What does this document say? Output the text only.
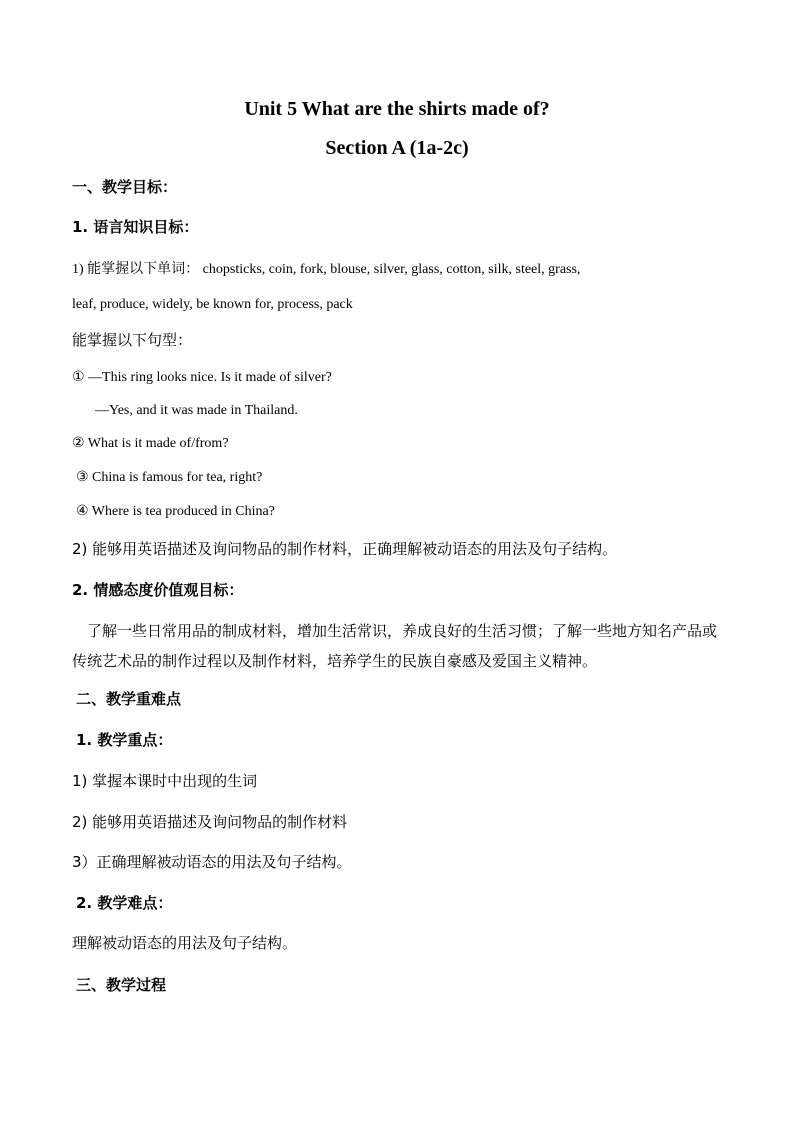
Unit 5 What are the shirts made of?
Section A (1a-2c)
一、教学目标：
1. 语言知识目标：
1) 能掌握以下单词： chopsticks, coin, fork, blouse, silver, glass, cotton, silk, steel, grass,
leaf, produce, widely, be known for, process, pack
能掌握以下句型：
① —This ring looks nice. Is it made of silver?
—Yes, and it was made in Thailand.
② What is it made of/from?
③ China is famous for tea, right?
④ Where is tea produced in China?
2) 能够用英语描述及询问物品的制作材料，正确理解被动语态的用法及句子结构。
2. 情感态度价值观目标：
了解一些日常用品的制成材料，增加生活常识，养成良好的生活习惯；了解一些地方知名产品或传统艺术品的制作过程以及制作材料，培养学生的民族自豪感及爱国主义精神。
二、教学重难点
1. 教学重点：
1) 掌握本课时中出现的生词
2) 能够用英语描述及询问物品的制作材料
3）正确理解被动语态的用法及句子结构。
2. 教学难点：
理解被动语态的用法及句子结构。
三、教学过程
